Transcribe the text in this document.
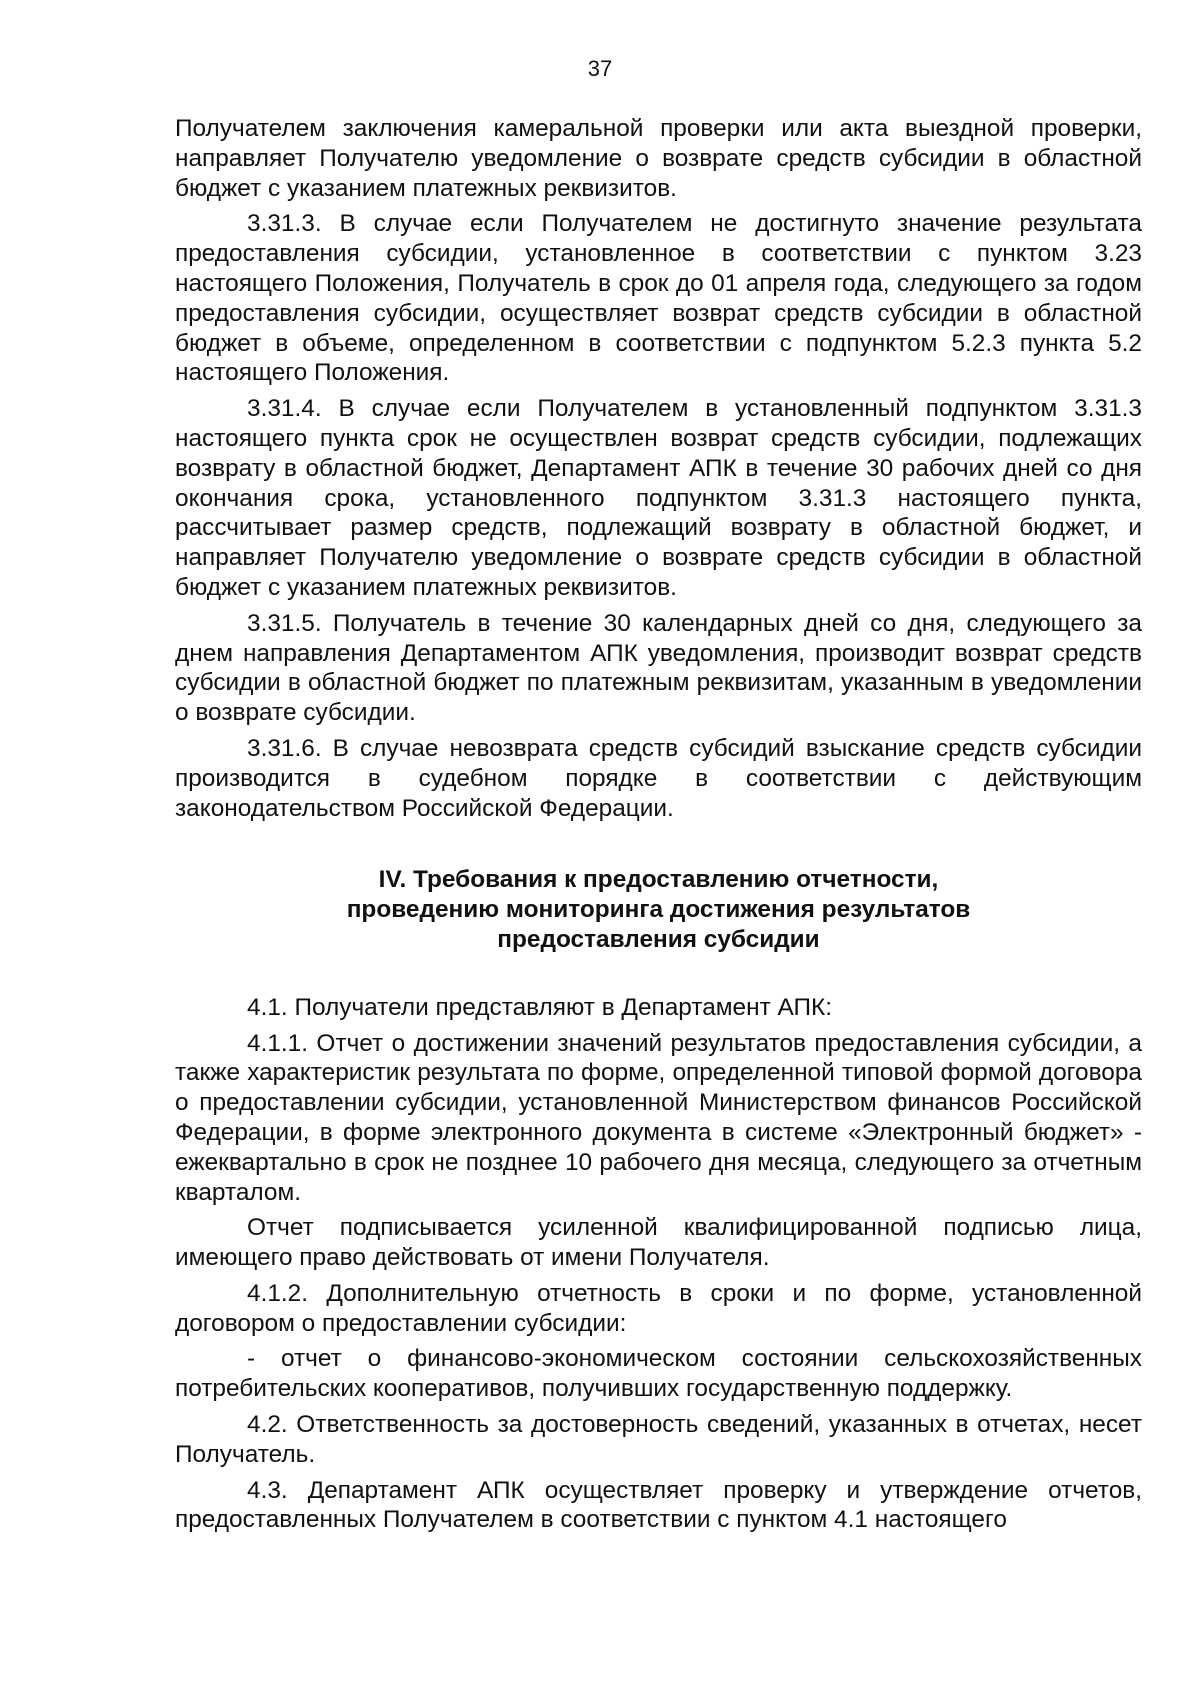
37

Получателем заключения камеральной проверки или акта выездной проверки, направляет Получателю уведомление о возврате средств субсидии в областной бюджет с указанием платежных реквизитов.

3.31.3. В случае если Получателем не достигнуто значение результата предоставления субсидии, установленное в соответствии с пунктом 3.23 настоящего Положения, Получатель в срок до 01 апреля года, следующего за годом предоставления субсидии, осуществляет возврат средств субсидии в областной бюджет в объеме, определенном в соответствии с подпунктом 5.2.3 пункта 5.2 настоящего Положения.

3.31.4. В случае если Получателем в установленный подпунктом 3.31.3 настоящего пункта срок не осуществлен возврат средств субсидии, подлежащих возврату в областной бюджет, Департамент АПК в течение 30 рабочих дней со дня окончания срока, установленного подпунктом 3.31.3 настоящего пункта, рассчитывает размер средств, подлежащий возврату в областной бюджет, и направляет Получателю уведомление о возврате средств субсидии в областной бюджет с указанием платежных реквизитов.

3.31.5. Получатель в течение 30 календарных дней со дня, следующего за днем направления Департаментом АПК уведомления, производит возврат средств субсидии в областной бюджет по платежным реквизитам, указанным в уведомлении о возврате субсидии.

3.31.6. В случае невозврата средств субсидий взыскание средств субсидии производится в судебном порядке в соответствии с действующим законодательством Российской Федерации.

IV. Требования к предоставлению отчетности,
проведению мониторинга достижения результатов
предоставления субсидии

4.1. Получатели представляют в Департамент АПК:

4.1.1. Отчет о достижении значений результатов предоставления субсидии, а также характеристик результата по форме, определенной типовой формой договора о предоставлении субсидии, установленной Министерством финансов Российской Федерации, в форме электронного документа в системе «Электронный бюджет» - ежеквартально в срок не позднее 10 рабочего дня месяца, следующего за отчетным кварталом.

Отчет подписывается усиленной квалифицированной подписью лица, имеющего право действовать от имени Получателя.

4.1.2. Дополнительную отчетность в сроки и по форме, установленной договором о предоставлении субсидии:

- отчет о финансово-экономическом состоянии сельскохозяйственных потребительских кооперативов, получивших государственную поддержку.

4.2. Ответственность за достоверность сведений, указанных в отчетах, несет Получатель.

4.3. Департамент АПК осуществляет проверку и утверждение отчетов, предоставленных Получателем в соответствии с пунктом 4.1 настоящего
